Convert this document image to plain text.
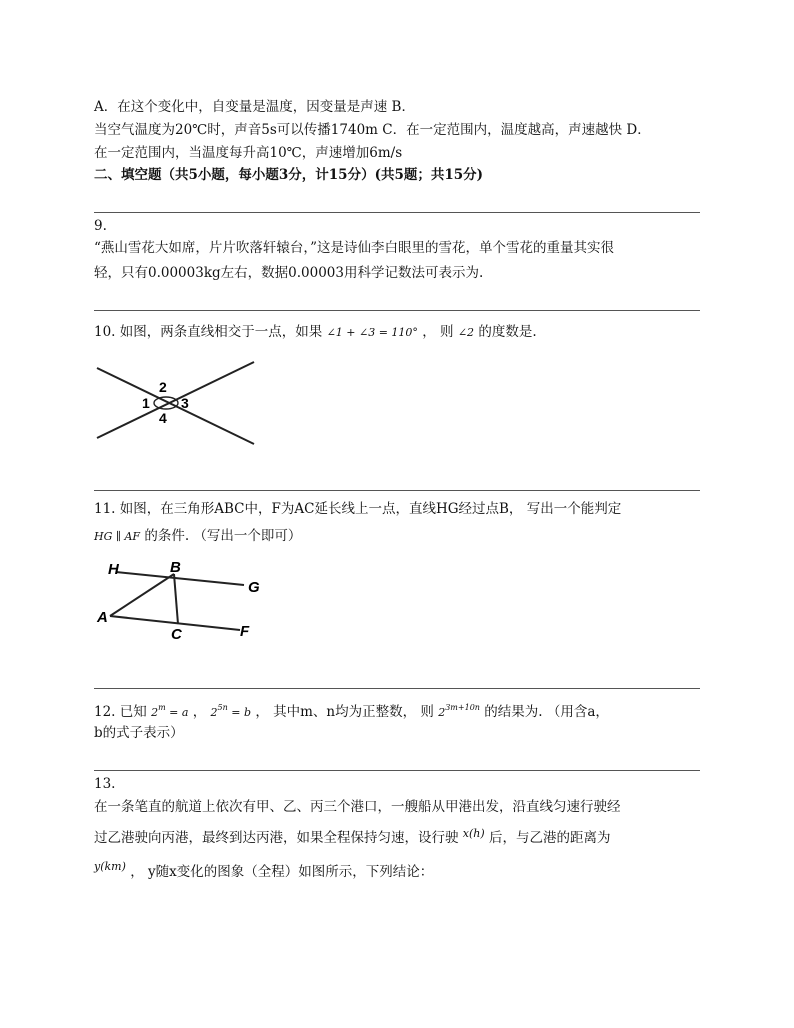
A．在这个变化中，自变量是温度，因变量是声速 B．
当空气温度为20℃时，声音5s可以传播1740m C．在一定范围内，温度越高，声速越快 D．
在一定范围内，当温度每升高10℃，声速增加6m/s
二、填空题（共5小题，每小题3分，计15分）(共5题；共15分)
9.
“燕山雪花大如席，片片吹落轩辕台，”这是诗仙李白眼里的雪花，单个雪花的重量其实很
轻，只有0.00003kg左右，数据0.00003用科学记数法可表示为.
10. 如图，两条直线相交于一点，如果 ∠1 + ∠3 = 110° ， 则 ∠2 的度数是.
2
1 3
4
11. 如图，在三角形ABC中，F为AC延长线上一点，直线HG经过点B， 写出一个能判定
HG ∥ AF 的条件. （写出一个即可）
H	B
G
A
C	F
12. 已知 $2^m = a$ ， $2^{5n} = b$ ， 其中m、n均为正整数， 则 $2^{3m+10n}$ 的结果为. （用含a，
b的式子表示）
13.
在一条笔直的航道上依次有甲、乙、丙三个港口，一艘船从甲港出发，沿直线匀速行驶经
过乙港驶向丙港，最终到达丙港，如果全程保持匀速，设行驶 $^{x(h)}$ 后，与乙港的距离为
$^{y(km)}$ ， y随x变化的图象（全程）如图所示，下列结论：
